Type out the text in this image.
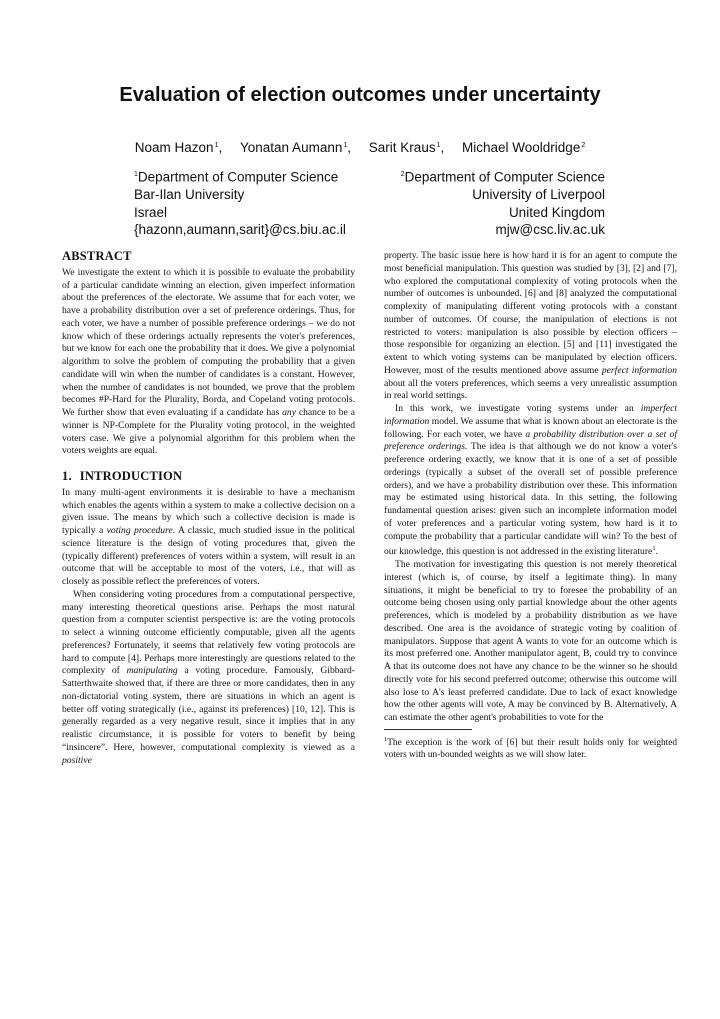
Evaluation of election outcomes under uncertainty
Noam Hazon$^1$, Yonatan Aumann$^1$, Sarit Kraus$^1$, Michael Wooldridge$^2$
$^1$Department of Computer Science
Bar-Ilan University
Israel
{hazonn,aumann,sarit}@cs.biu.ac.il
$^2$Department of Computer Science
University of Liverpool
United Kingdom
mjw@csc.liv.ac.uk
ABSTRACT

We investigate the extent to which it is possible to evaluate the probability of a particular candidate winning an election, given imperfect information about the preferences of the electorate. We assume that for each voter, we have a probability distribution over a set of preference orderings. Thus, for each voter, we have a number of possible preference orderings – we do not know which of these orderings actually represents the voter's preferences, but we know for each one the probability that it does. We give a polynomial algorithm to solve the problem of computing the probability that a given candidate will win when the number of candidates is a constant. However, when the number of candidates is not bounded, we prove that the problem becomes #P-Hard for the Plurality, Borda, and Copeland voting protocols. We further show that even evaluating if a candidate has any chance to be a winner is NP-Complete for the Plurality voting protocol, in the weighted voters case. We give a polynomial algorithm for this problem when the voters weights are equal.

1. INTRODUCTION

In many multi-agent environments it is desirable to have a mechanism which enables the agents within a system to make a collective decision on a given issue. The means by which such a collective decision is made is typically a voting procedure. A classic, much studied issue in the political science literature is the design of voting procedures that, given the (typically different) preferences of voters within a system, will result in an outcome that will be acceptable to most of the voters, i.e., that will as closely as possible reflect the preferences of voters.

When considering voting procedures from a computational perspective, many interesting theoretical questions arise. Perhaps the most natural question from a computer scientist perspective is: are the voting protocols to select a winning outcome efficiently computable, given all the agents preferences? Fortunately, it seems that relatively few voting protocols are hard to compute [4]. Perhaps more interestingly are questions related to the complexity of manipulating a voting procedure. Famously, Gibbard-Satterthwaite showed that, if there are three or more candidates, then in any non-dictatorial voting system, there are situations in which an agent is better off voting strategically (i.e., against its preferences) [10, 12]. This is generally regarded as a very negative result, since it implies that in any realistic circumstance, it is possible for voters to benefit by being “insincere”. Here, however, computational complexity is viewed as a positive

property. The basic issue here is how hard it is for an agent to compute the most beneficial manipulation. This question was studied by [3], [2] and [7], who explored the computational complexity of voting protocols when the number of outcomes is unbounded. [6] and [8] analyzed the computational complexity of manipulating different voting protocols with a constant number of outcomes. Of course, the manipulation of elections is not restricted to voters: manipulation is also possible by election officers – those responsible for organizing an election. [5] and [11] investigated the extent to which voting systems can be manipulated by election officers. However, most of the results mentioned above assume perfect information about all the voters preferences, which seems a very unrealistic assumption in real world settings.

In this work, we investigate voting systems under an imperfect information model. We assume that what is known about an electorate is the following. For each voter, we have a probability distribution over a set of preference orderings. The idea is that although we do not know a voter's preference ordering exactly, we know that it is one of a set of possible orderings (typically a subset of the overall set of possible preference orders), and we have a probability distribution over these. This information may be estimated using historical data. In this setting, the following fundamental question arises: given such an incomplete information model of voter preferences and a particular voting system, how hard is it to compute the probability that a particular candidate will win? To the best of our knowledge, this question is not addressed in the existing literature$^1$.

The motivation for investigating this question is not merely theoretical interest (which is, of course, by itself a legitimate thing). In many situations, it might be beneficial to try to foresee the probability of an outcome being chosen using only partial knowledge about the other agents preferences, which is modeled by a probability distribution as we have described. One area is the avoidance of strategic voting by coalition of manipulators. Suppose that agent A wants to vote for an outcome which is its most preferred one. Another manipulator agent, B, could try to convince A that its outcome does not have any chance to be the winner so he should directly vote for his second preferred outcome; otherwise this outcome will also lose to A's least preferred candidate. Due to lack of exact knowledge how the other agents will vote, A may be convinced by B. Alternatively, A can estimate the other agent's probabilities to vote for the

$^1$The exception is the work of [6] but their result holds only for weighted voters with un-bounded weights as we will show later.
